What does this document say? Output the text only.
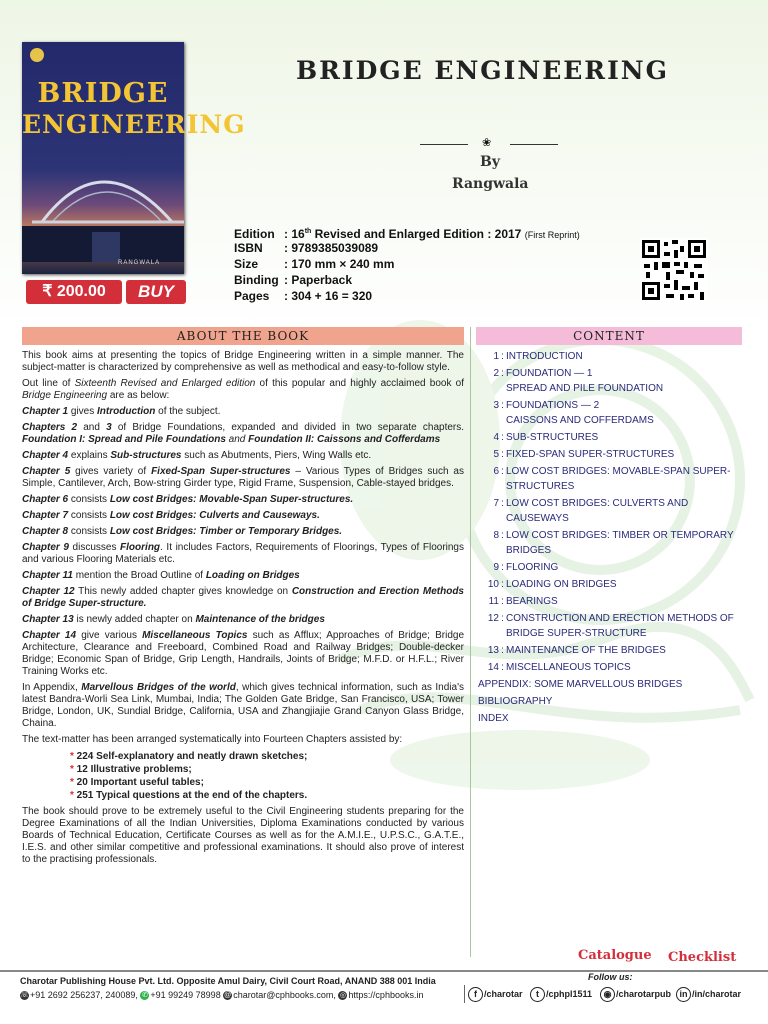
BRIDGE
ENGINEERING
RANGWALA
₹ 200.00	BUY
BRIDGE ENGINEERING
❀
By
Rangwala
Edition : 16th Revised and Enlarged Edition : 2017 (First Reprint)
ISBN : 9789385039089
Size : 170 mm × 240 mm
Binding : Paperback
Pages : 304 + 16 = 320
ABOUT THE BOOK

This book aims at presenting the topics of Bridge Engineering written in a simple manner. The subject-matter is characterized by comprehensive as well as methodical and easy-to-follow style.

Out line of Sixteenth Revised and Enlarged edition of this popular and highly acclaimed book of Bridge Engineering are as below:

Chapter 1 gives Introduction of the subject.

Chapters 2 and 3 of Bridge Foundations, expanded and divided in two separate chapters. Foundation I: Spread and Pile Foundations and Foundation II: Caissons and Cofferdams

Chapter 4 explains Sub-structures such as Abutments, Piers, Wing Walls etc.

Chapter 5 gives variety of Fixed-Span Super-structures – Various Types of Bridges such as Simple, Cantilever, Arch, Bow-string Girder type, Rigid Frame, Suspension, Cable-stayed bridges.

Chapter 6 consists Low cost Bridges: Movable-Span Super-structures.

Chapter 7 consists Low cost Bridges: Culverts and Causeways.

Chapter 8 consists Low cost Bridges: Timber or Temporary Bridges.

Chapter 9 discusses Flooring. It includes Factors, Requirements of Floorings, Types of Floorings and various Flooring Materials etc.

Chapter 11 mention the Broad Outline of Loading on Bridges

Chapter 12 This newly added chapter gives knowledge on Construction and Erection Methods of Bridge Super-structure.

Chapter 13 is newly added chapter on Maintenance of the bridges

Chapter 14 give various Miscellaneous Topics such as Afflux; Approaches of Bridge; Bridge Architecture, Clearance and Freeboard, Combined Road and Railway Bridges; Double-decker Bridge; Economic Span of Bridge, Grip Length, Handrails, Joints of Bridge; M.F.D. or H.F.L.; River Training Works etc.

In Appendix, Marvellous Bridges of the world, which gives technical information, such as India's latest Bandra-Worli Sea Link, Mumbai, India; The Golden Gate Bridge, San Francisco, USA; Tower Bridge, London, UK, Sundial Bridge, California, USA and Zhangjiajie Grand Canyon Glass Bridge, Chaina.

The text-matter has been arranged systematically into Fourteen Chapters assisted by:

* 224 Self-explanatory and neatly drawn sketches;
* 12 Illustrative problems;
* 20 Important useful tables;
* 251 Typical questions at the end of the chapters.

The book should prove to be extremely useful to the Civil Engineering students preparing for the Degree Examinations of all the Indian Universities, Diploma Examinations conducted by various Boards of Technical Education, Certificate Courses as well as for the A.M.I.E., U.P.S.C., G.A.T.E., I.E.S. and other similar competitive and professional examinations. It should also prove of interest to the practising professionals.

CONTENT
1 : INTRODUCTION
2 : FOUNDATION — 1
SPREAD AND PILE FOUNDATION
3 : FOUNDATIONS — 2
CAISSONS AND COFFERDAMS
4 : SUB-STRUCTURES
5 : FIXED-SPAN SUPER-STRUCTURES
6 : LOW COST BRIDGES: MOVABLE-SPAN SUPER-
STRUCTURES
7 : LOW COST BRIDGES: CULVERTS AND CAUSEWAYS
8 : LOW COST BRIDGES: TIMBER OR TEMPORARY
BRIDGES
9 : FLOORING
10 : LOADING ON BRIDGES
11 : BEARINGS
12 : CONSTRUCTION AND ERECTION METHODS OF
BRIDGE SUPER-STRUCTURE
13 : MAINTENANCE OF THE BRIDGES
14 : MISCELLANEOUS TOPICS
APPENDIX: SOME MARVELLOUS BRIDGES
BIBLIOGRAPHY
INDEX
Catalogue Checklist
Charotar Publishing House Pvt. Ltd. Opposite Amul Dairy, Civil Court Road, ANAND 388 001 India
☏+91 2692 256237, 240089, ✆ +91 99249 78998 @ charotar@cphbooks.com, ◎ https://cphbooks.in
Follow us:
f /charotar	t /cphpl1511	◉ /charotarpub in /in/charotar
